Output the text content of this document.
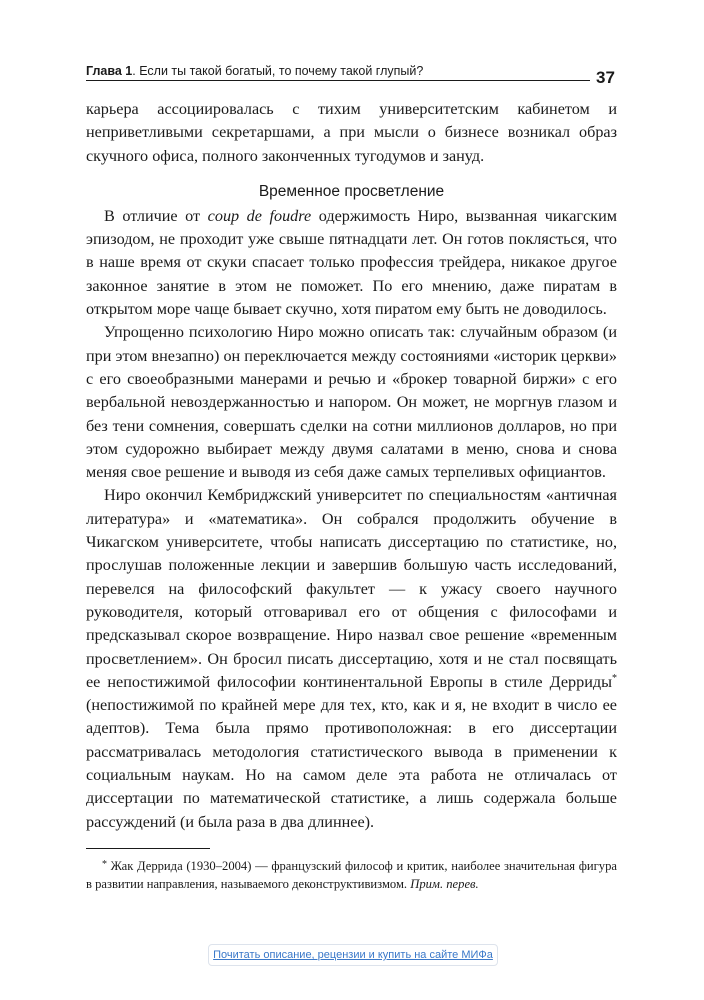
Глава 1. Если ты такой богатый, то почему такой глупый?	37

карьера ассоциировалась с тихим университетским кабинетом и неприветливыми секретаршами, а при мысли о бизнесе возникал образ скучного офиса, полного законченных тугодумов и зануд.

Временное просветление

В отличие от coup de foudre одержимость Ниро, вызванная чикагским эпизодом, не проходит уже свыше пятнадцати лет. Он готов поклясться, что в наше время от скуки спасает только профессия трейдера, никакое другое законное занятие в этом не поможет. По его мнению, даже пиратам в открытом море чаще бывает скучно, хотя пиратом ему быть не доводилось.

Упрощенно психологию Ниро можно описать так: случайным образом (и при этом внезапно) он переключается между состояниями «историк церкви» с его своеобразными манерами и речью и «брокер товарной биржи» с его вербальной невоздержанностью и напором. Он может, не моргнув глазом и без тени сомнения, совершать сделки на сотни миллионов долларов, но при этом судорожно выбирает между двумя салатами в меню, снова и снова меняя свое решение и выводя из себя даже самых терпеливых официантов.

Ниро окончил Кембриджский университет по специальностям «античная литература» и «математика». Он собрался продолжить обучение в Чикагском университете, чтобы написать диссертацию по статистике, но, прослушав положенные лекции и завершив большую часть исследований, перевелся на философский факультет — к ужасу своего научного руководителя, который отговаривал его от общения с философами и предсказывал скорое возвращение. Ниро назвал свое решение «временным просветлением». Он бросил писать диссертацию, хотя и не стал посвящать ее непостижимой философии континентальной Европы в стиле Дерриды* (непостижимой по крайней мере для тех, кто, как и я, не входит в число ее адептов). Тема была прямо противоположная: в его диссертации рассматривалась методология статистического вывода в применении к социальным наукам. Но на самом деле эта работа не отличалась от диссертации по математической статистике, а лишь содержала больше рассуждений (и была раза в два длиннее).

* Жак Деррида (1930–2004) — французский философ и критик, наиболее значительная фигура в развитии направления, называемого деконструктивизмом. Прим. перев.
Почитать описание, рецензии и купить на сайте МИФа
